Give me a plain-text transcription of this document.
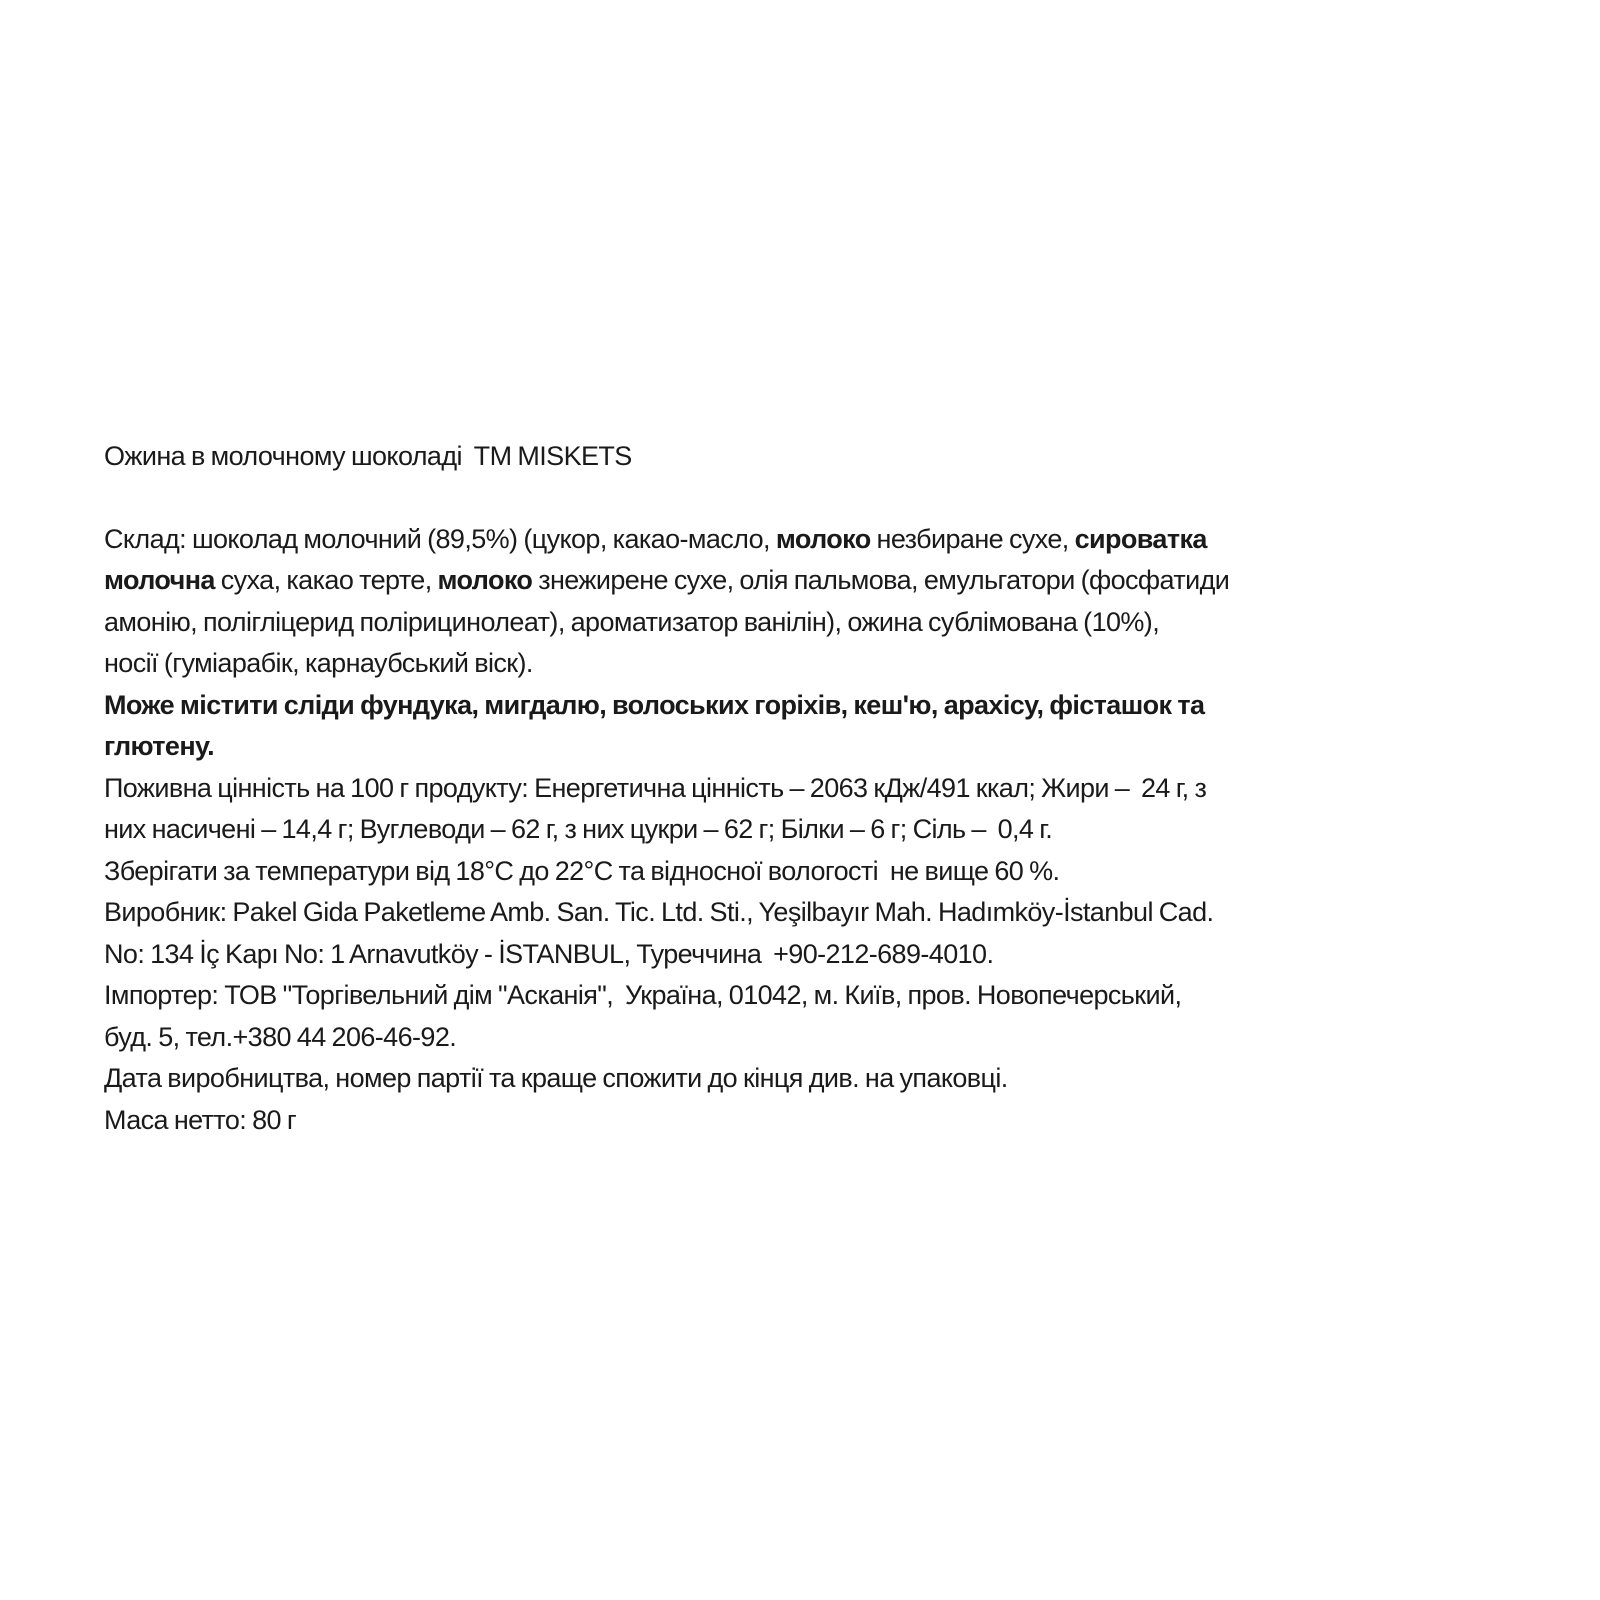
Ожина в молочному шоколаді  ТМ MISKETS
Склад: шоколад молочний (89,5%) (цукор, какао-масло, молоко незбиране сухе, сироватка
молочна суха, какао терте, молоко знежирене сухе, олія пальмова, емульгатори (фосфатиди
амонію, полігліцерид полірицинолеат), ароматизатор ванілін), ожина сублімована (10%),
носії (гуміарабік, карнаубський віск).
Може містити сліди фундука, мигдалю, волоських горіхів, кеш'ю, арахісу, фісташок та
глютену.
Поживна цінність на 100 г продукту: Енергетична цінність – 2063 кДж/491 ккал; Жири –  24 г, з
них насичені – 14,4 г; Вуглеводи – 62 г, з них цукри – 62 г; Білки – 6 г; Сіль –  0,4 г.
Зберігати за температури від 18°C до 22°C та відносної вологості  не вище 60 %.
Виробник: Pakel Gida Paketleme Amb. San. Tic. Ltd. Sti., Yeşilbayır Mah. Hadımköy-İstanbul Cad.
No: 134 İç Kapı No: 1 Arnavutköy - İSTANBUL, Туреччина  +90-212-689-4010.
Імпортер: ТОВ "Торгівельний дім "Асканія",  Україна, 01042, м. Київ, пров. Новопечерський,
буд. 5, тел.+380 44 206-46-92.
Дата виробництва, номер партії та краще спожити до кінця див. на упаковці.
Маса нетто: 80 г
